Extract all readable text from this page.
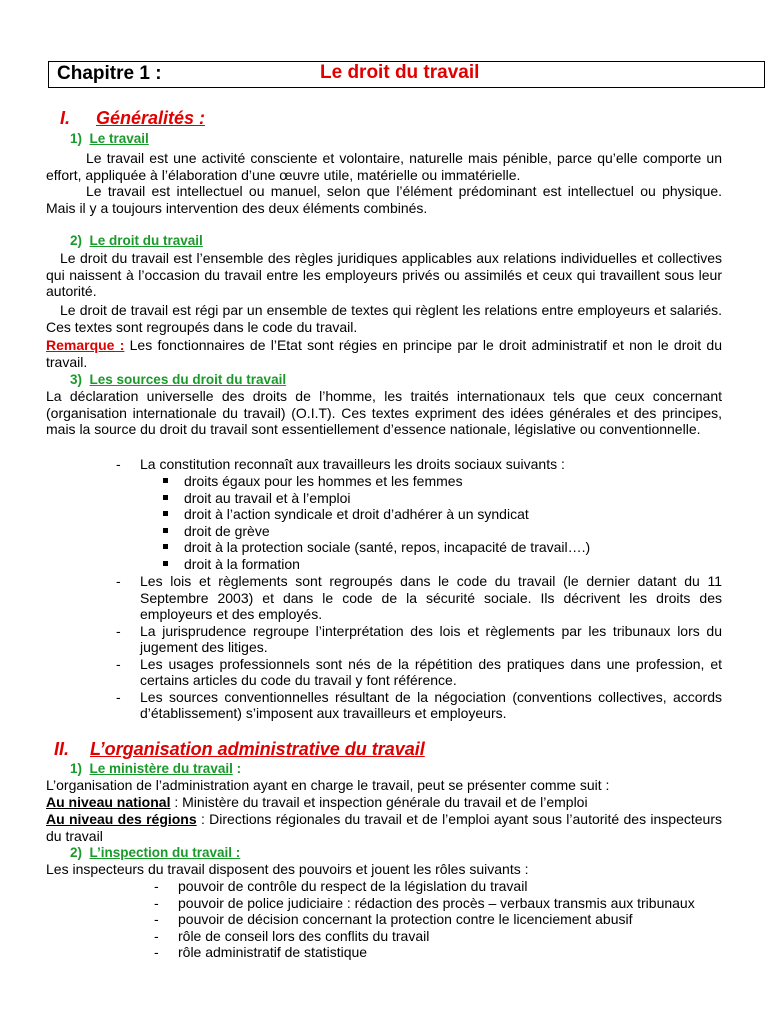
Chapitre 1 :	Le droit du travail
I. Généralités :
1) Le travail

Le travail est une activité consciente et volontaire, naturelle mais pénible, parce qu’elle comporte un effort, appliquée à l’élaboration d’une œuvre utile, matérielle ou immatérielle.

Le travail est intellectuel ou manuel, selon que l’élément prédominant est intellectuel ou physique. Mais il y a toujours intervention des deux éléments combinés.

2) Le droit du travail

Le droit du travail est l’ensemble des règles juridiques applicables aux relations individuelles et collectives qui naissent à l’occasion du travail entre les employeurs privés ou assimilés et ceux qui travaillent sous leur autorité.

Le droit de travail est régi par un ensemble de textes qui règlent les relations entre employeurs et salariés. Ces textes sont regroupés dans le code du travail.

Remarque : Les fonctionnaires de l’Etat sont régies en principe par le droit administratif et non le droit du travail.

3) Les sources du droit du travail

La déclaration universelle des droits de l’homme, les traités internationaux tels que ceux concernant (organisation internationale du travail) (O.I.T). Ces textes expriment des idées générales et des principes, mais la source du droit du travail sont essentiellement d’essence nationale, législative ou conventionnelle.

- La constitution reconnaît aux travailleurs les droits sociaux suivants :
droits égaux pour les hommes et les femmes
droit au travail et à l’emploi
droit à l’action syndicale et droit d’adhérer à un syndicat
droit de grève
droit à la protection sociale (santé, repos, incapacité de travail….)
droit à la formation
- Les lois et règlements sont regroupés dans le code du travail (le dernier datant du 11 Septembre 2003) et dans le code de la sécurité sociale. Ils décrivent les droits des employeurs et des employés.
- La jurisprudence regroupe l’interprétation des lois et règlements par les tribunaux lors du jugement des litiges.
- Les usages professionnels sont nés de la répétition des pratiques dans une profession, et certains articles du code du travail y font référence.
- Les sources conventionnelles résultant de la négociation (conventions collectives, accords d’établissement) s’imposent aux travailleurs et employeurs.
II. L’organisation administrative du travail
1) Le ministère du travail :

L’organisation de l’administration ayant en charge le travail, peut se présenter comme suit :

Au niveau national : Ministère du travail et inspection générale du travail et de l’emploi

Au niveau des régions : Directions régionales du travail et de l’emploi ayant sous l’autorité des inspecteurs du travail

2) L’inspection du travail :

Les inspecteurs du travail disposent des pouvoirs et jouent les rôles suivants :

- pouvoir de contrôle du respect de la législation du travail
- pouvoir de police judiciaire : rédaction des procès – verbaux transmis aux tribunaux
- pouvoir de décision concernant la protection contre le licenciement abusif
- rôle de conseil lors des conflits du travail
- rôle administratif de statistique
